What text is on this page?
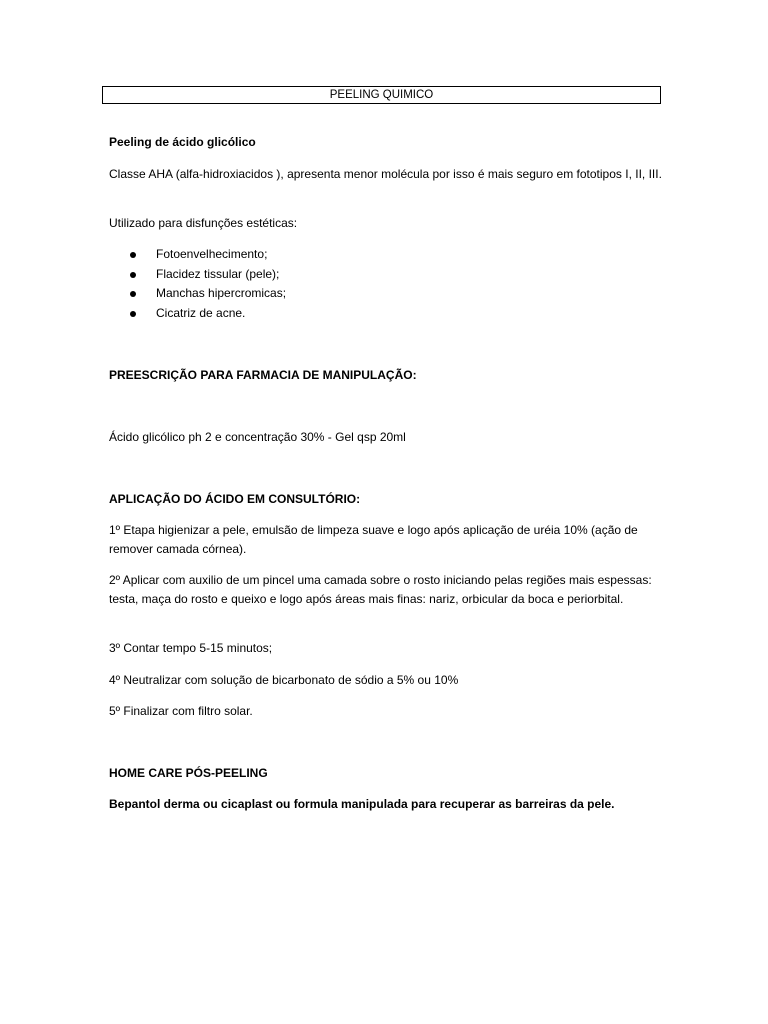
PEELING QUIMICO

Peeling de ácido glicólico

Classe AHA (alfa-hidroxiacidos ), apresenta menor molécula por isso é mais seguro em fototipos I, II, III.

Utilizado para disfunções estéticas:

Fotoenvelhecimento;
Flacidez tissular (pele);
Manchas hipercromicas;
Cicatriz de acne.

PREESCRIÇÃO PARA FARMACIA DE MANIPULAÇÃO:

Ácido glicólico ph 2 e concentração 30% - Gel qsp 20ml

APLICAÇÃO DO ÁCIDO EM CONSULTÓRIO:

1º Etapa higienizar a pele, emulsão de limpeza suave e logo após aplicação de uréia 10% (ação de remover camada córnea).

2º Aplicar com auxilio de um pincel uma camada sobre o rosto iniciando pelas regiões mais espessas: testa, maça do rosto e queixo e logo após áreas mais finas: nariz, orbicular da boca e periorbital.

3º Contar tempo 5-15 minutos;

4º Neutralizar com solução de bicarbonato de sódio a 5% ou 10%

5º Finalizar com filtro solar.

HOME CARE PÓS-PEELING

Bepantol derma ou cicaplast ou formula manipulada para recuperar as barreiras da pele.
